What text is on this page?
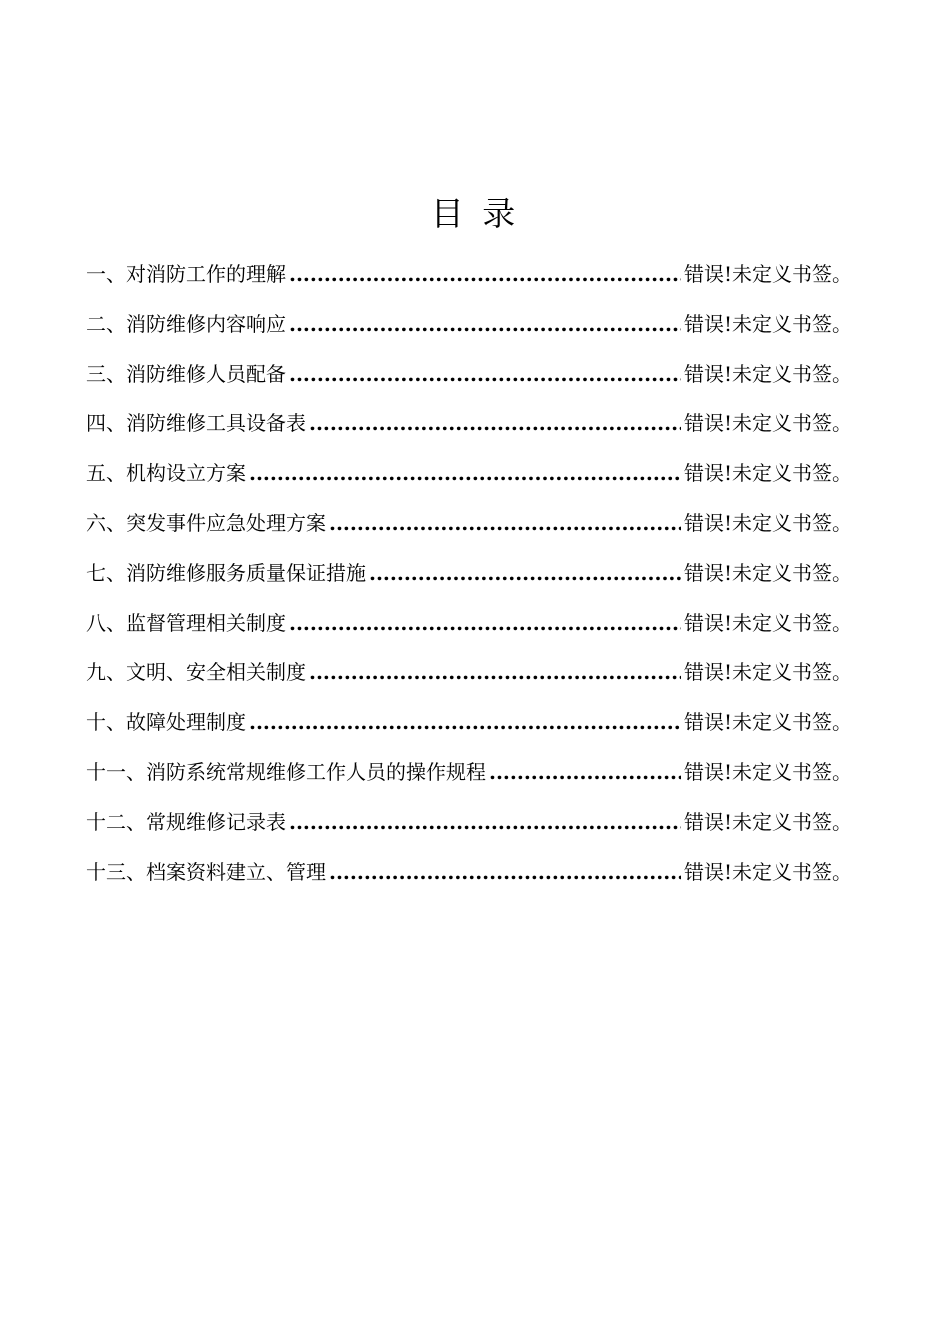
目 录
一、对消防工作的理解 .....	错误!未定义书签。
二、消防维修内容响应 .....	错误!未定义书签。
三、消防维修人员配备 .....	错误!未定义书签。
四、消防维修工具设备表 .....	错误!未定义书签。
五、机构设立方案 .....	错误!未定义书签。
六、突发事件应急处理方案 .....	错误!未定义书签。
七、消防维修服务质量保证措施 .....	错误!未定义书签。
八、监督管理相关制度 .....	错误!未定义书签。
九、文明、安全相关制度 .....	错误!未定义书签。
十、故障处理制度 .....	错误!未定义书签。
十一、消防系统常规维修工作人员的操作规程 .....	错误!未定义书签。
十二、常规维修记录表 .....	错误!未定义书签。
十三、档案资料建立、管理 .....	错误!未定义书签。
